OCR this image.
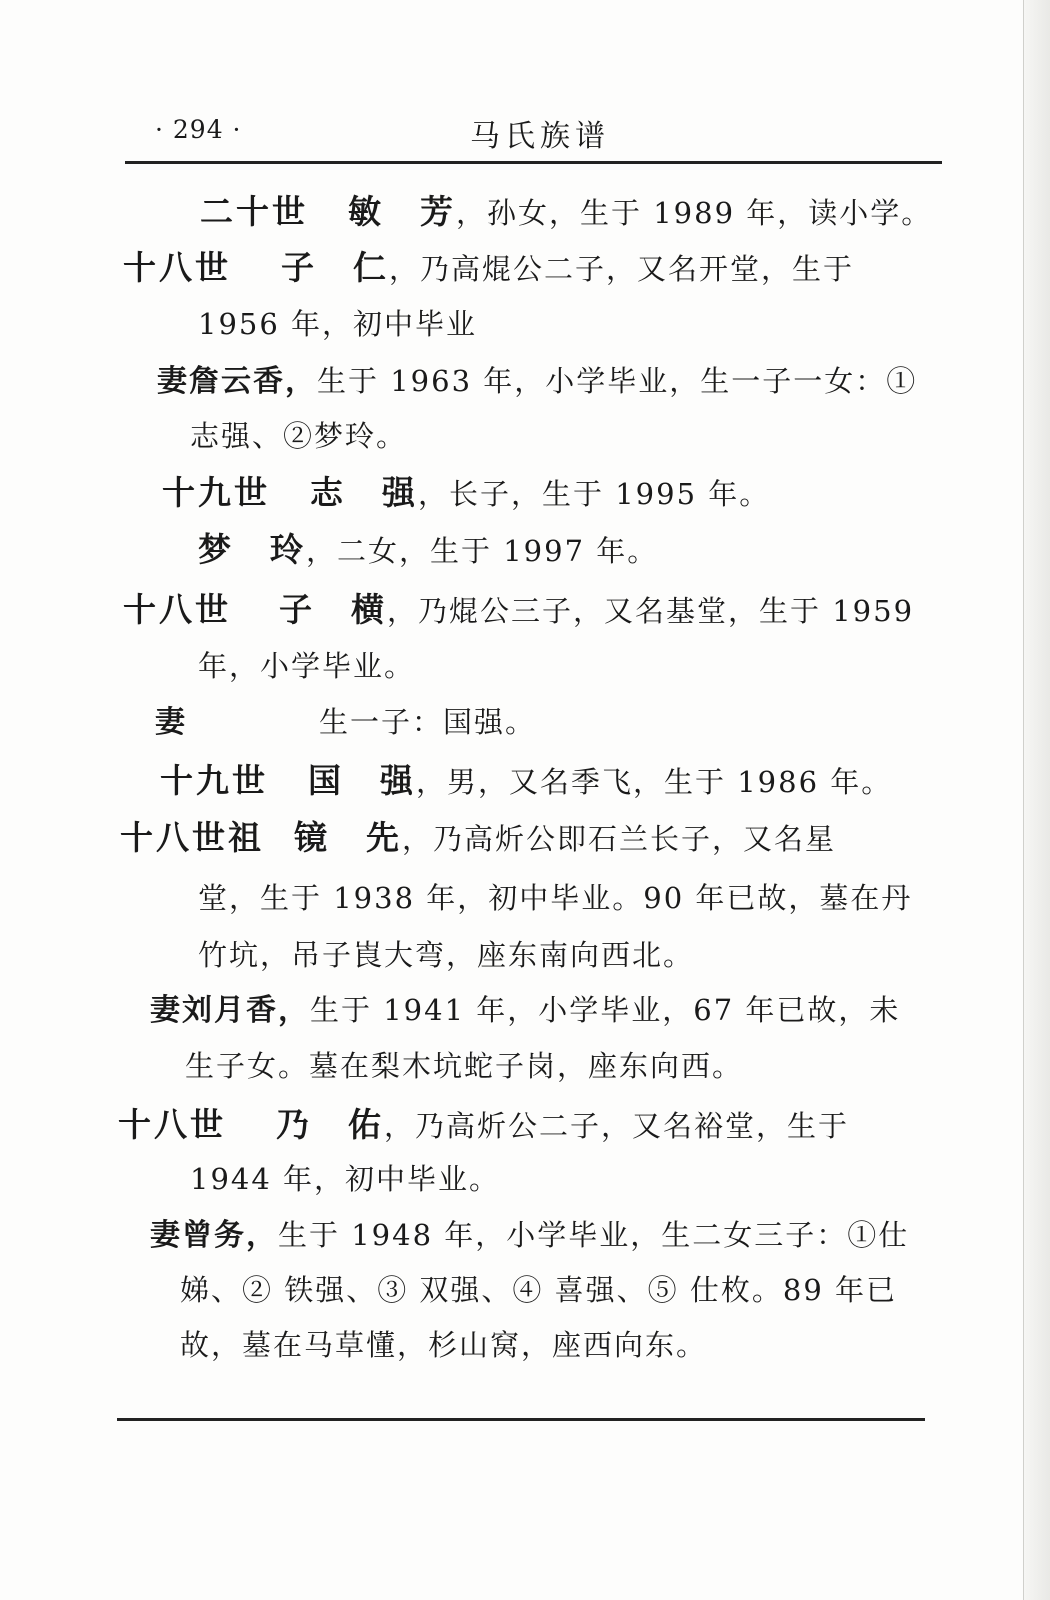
· 294 ·	马氏族谱
二十世 敏　芳，孙女，生于 1989 年，读小学。
十八世 子　仁，乃高焜公二子，又名开堂，生于
1956 年，初中毕业
妻詹云香，生于 1963 年，小学毕业，生一子一女：①
志强、②梦玲。
十九世 志　强，长子，生于 1995 年。
梦　玲，二女，生于 1997 年。
十八世 子　横，乃焜公三子，又名基堂，生于 1959
年，小学毕业。
妻	生一子：国强。
十九世 国　强，男，又名季飞，生于 1986 年。
十八世祖 镜　先，乃高炘公即石兰长子，又名星
堂，生于 1938 年，初中毕业。90 年已故，墓在丹
竹坑，吊子崀大弯，座东南向西北。
妻刘月香，生于 1941 年，小学毕业，67 年已故，未
生子女。墓在梨木坑蛇子岗，座东向西。
十八世 乃　佑，乃高炘公二子，又名裕堂，生于
1944 年，初中毕业。
妻曾务，生于 1948 年，小学毕业，生二女三子：①仕
娣、② 铁强、③ 双强、④ 喜强、⑤ 仕枚。89 年已
故，墓在马草懂，杉山窝，座西向东。
